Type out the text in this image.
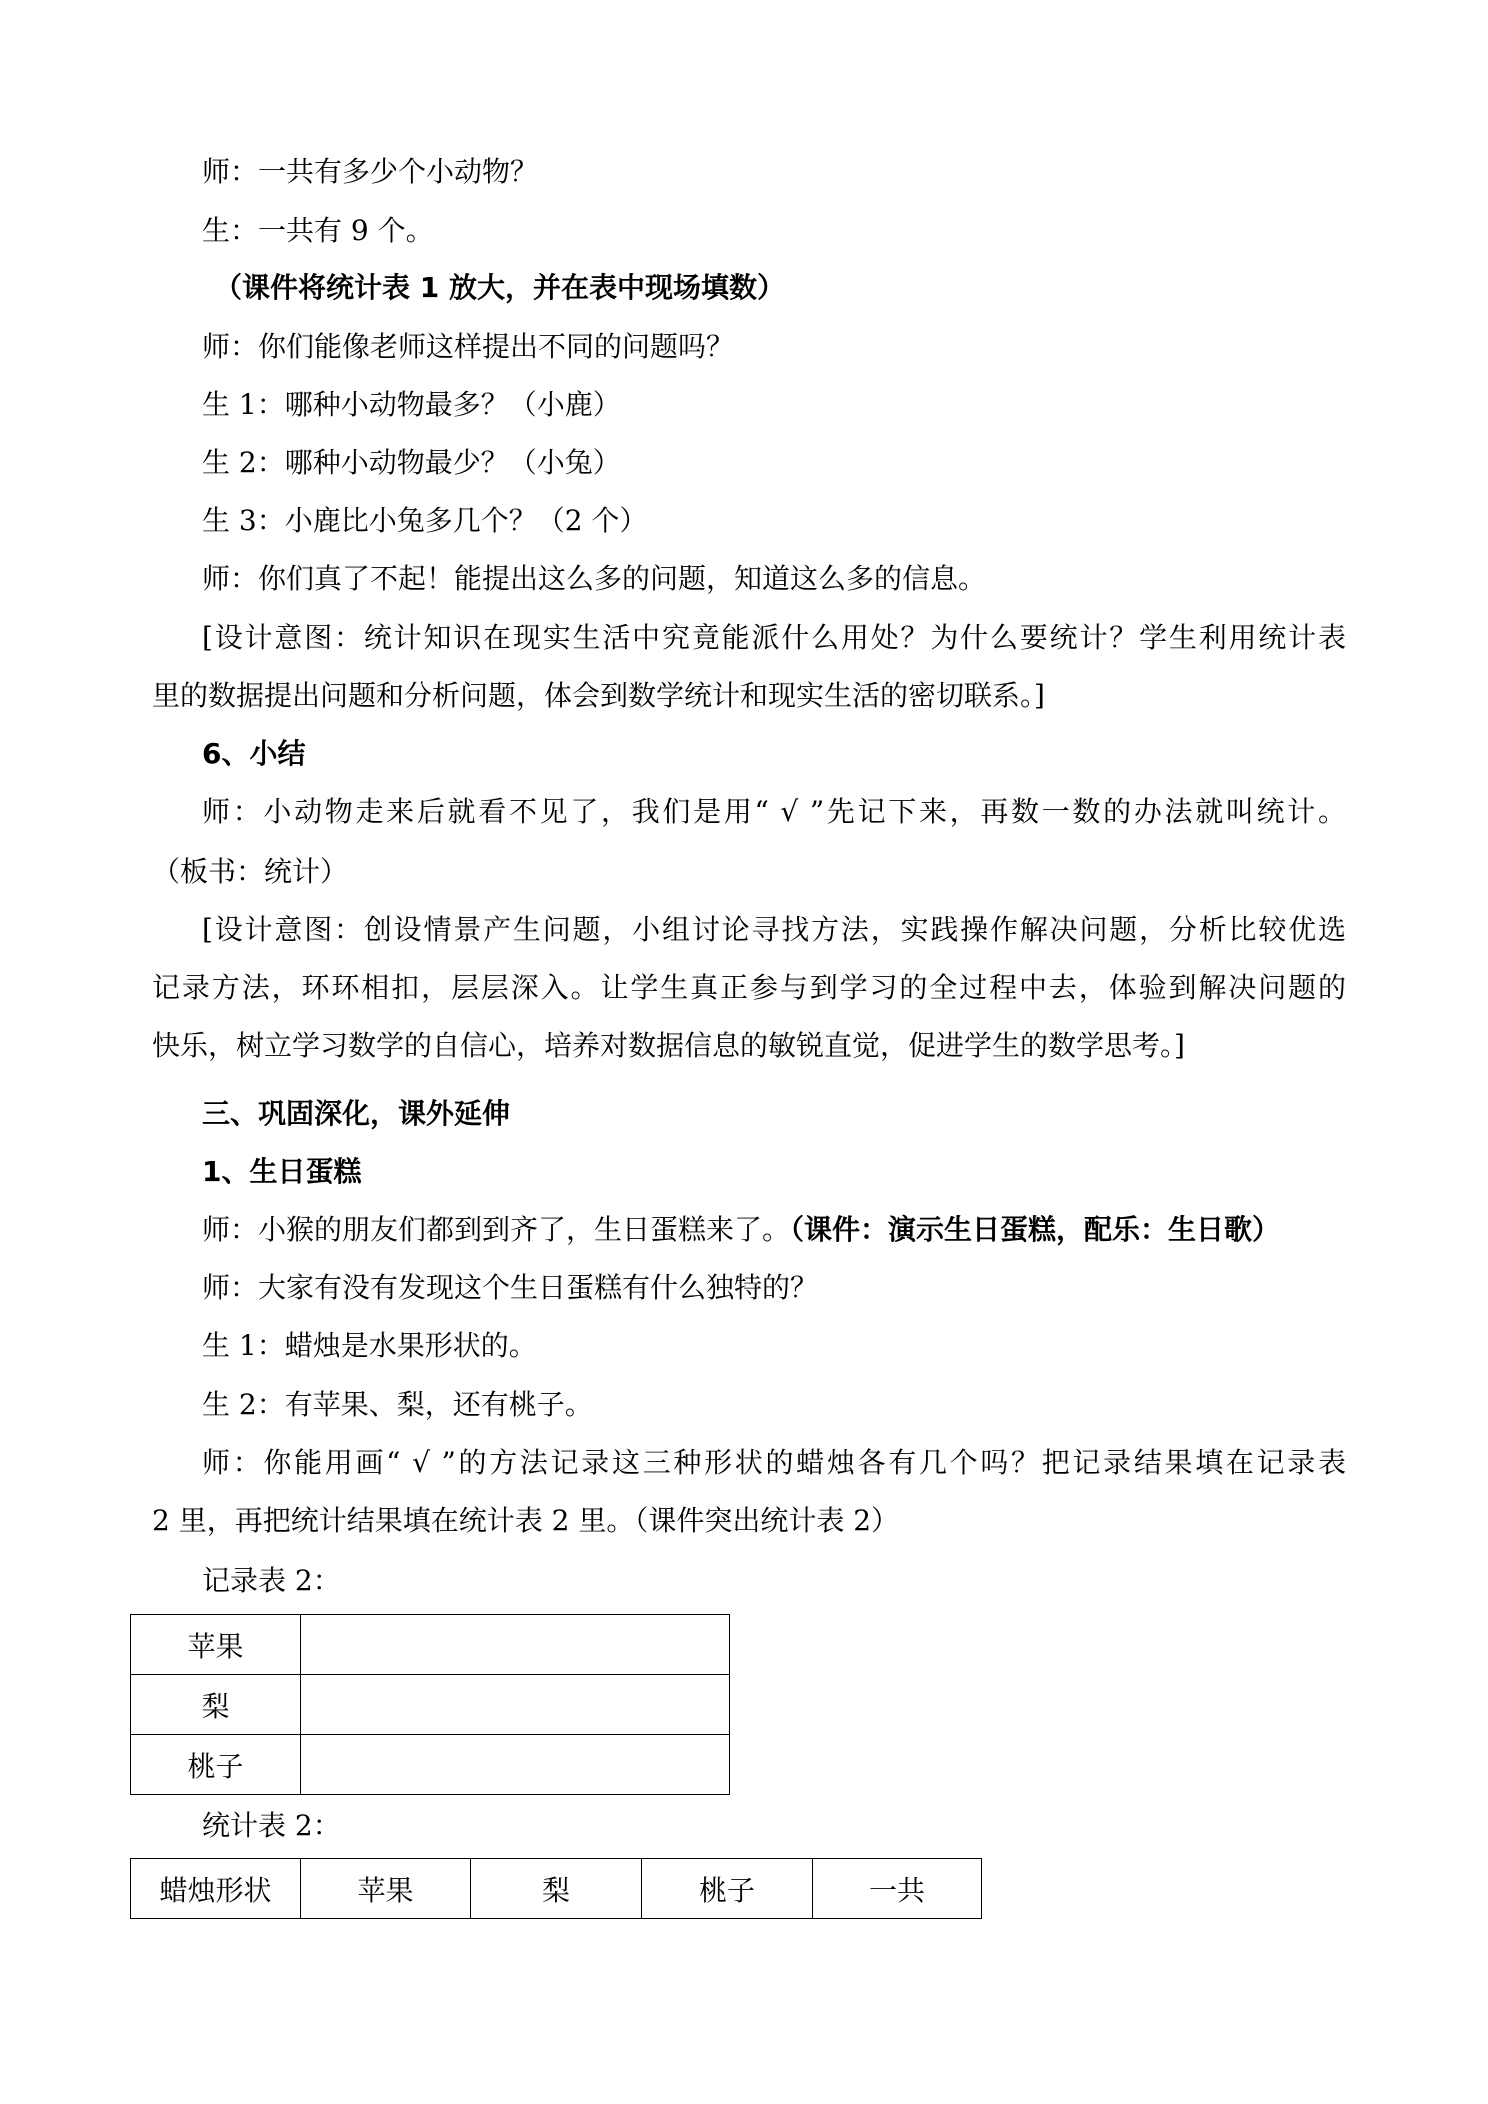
师：一共有多少个小动物？
生：一共有 9 个。
（课件将统计表 1 放大，并在表中现场填数）
师：你们能像老师这样提出不同的问题吗？
生 1：哪种小动物最多？（小鹿）
生 2：哪种小动物最少？（小兔）
生 3：小鹿比小兔多几个？（2 个）
师：你们真了不起！能提出这么多的问题，知道这么多的信息。
[设计意图：统计知识在现实生活中究竟能派什么用处？为什么要统计？学生利用统计表
里的数据提出问题和分析问题，体会到数学统计和现实生活的密切联系。]
6、小结
师：小动物走来后就看不见了，我们是用“ √ ”先记下来，再数一数的办法就叫统计。
（板书：统计）
[设计意图：创设情景产生问题，小组讨论寻找方法，实践操作解决问题，分析比较优选
记录方法，环环相扣，层层深入。让学生真正参与到学习的全过程中去，体验到解决问题的
快乐，树立学习数学的自信心，培养对数据信息的敏锐直觉，促进学生的数学思考。]
三、巩固深化，课外延伸
1、生日蛋糕
师：小猴的朋友们都到到齐了，生日蛋糕来了。（课件：演示生日蛋糕，配乐：生日歌）
师：大家有没有发现这个生日蛋糕有什么独特的？
生 1：蜡烛是水果形状的。
生 2：有苹果、梨，还有桃子。
师：你能用画“ √ ”的方法记录这三种形状的蜡烛各有几个吗？把记录结果填在记录表
2 里，再把统计结果填在统计表 2 里。（课件突出统计表 2）
记录表 2：
苹果	
梨	
桃子	
统计表 2：
蜡烛形状	苹果	梨	桃子	一共
